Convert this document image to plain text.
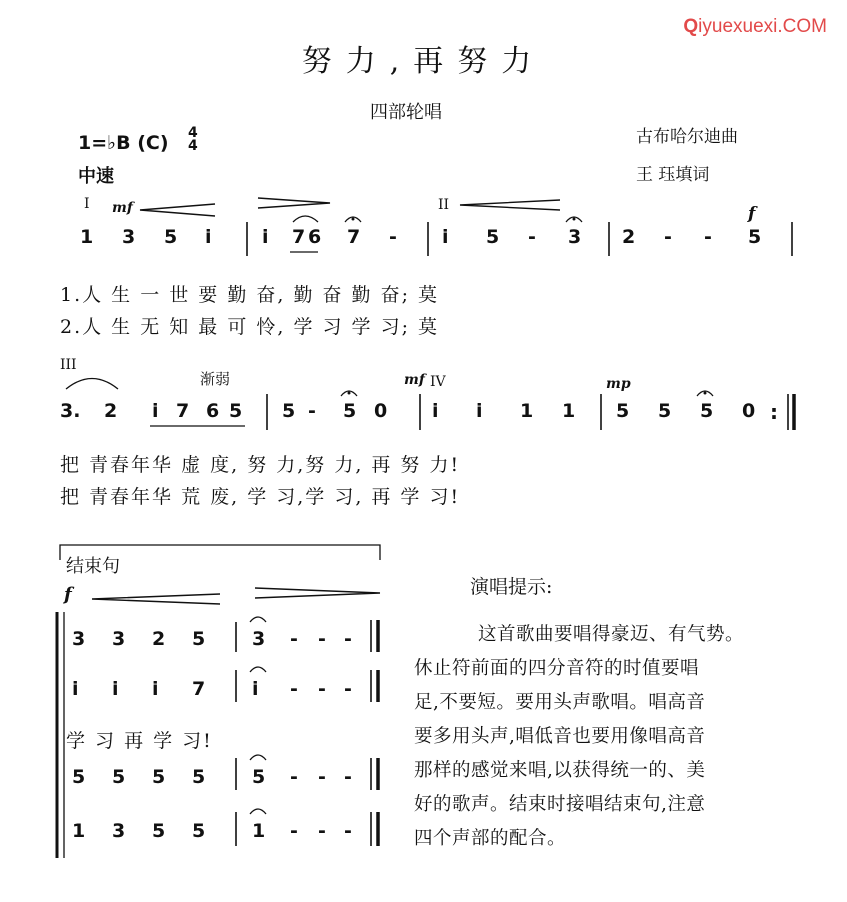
Qiyuexuexi.COM
努力,再努力
四部轮唱
1=♭B (C) 4
4
中速
古布哈尔迪曲
王 珏填词
I	II
III
IV
mf	f
渐弱	mf	mp
f
1 3 5 i	i 7 6 7 - i 5 - 3 2 - - 5
1.人 生 一 世 要 勤 奋, 勤 奋 勤 奋; 莫
2.人 生 无 知 最 可 怜, 学 习 学 习; 莫
3. 2 i 7 6 5 5 - 5 0 i i 1 1 5 5 5 0 :
把 青春年华 虚 度, 努 力,努 力, 再 努 力!
把 青春年华 荒 废, 学 习,学 习, 再 学 习!
结束句
3 3 2 5 3 - - -
i i i 7 i - - -
学 习 再 学 习!
5 5 5 5 5 - - -
1 3 5 5 1 - - -
演唱提示:
这首歌曲要唱得豪迈、有气势。
休止符前面的四分音符的时值要唱
足,不要短。要用头声歌唱。唱高音
要多用头声,唱低音也要用像唱高音
那样的感觉来唱,以获得统一的、美
好的歌声。结束时接唱结束句,注意
四个声部的配合。
